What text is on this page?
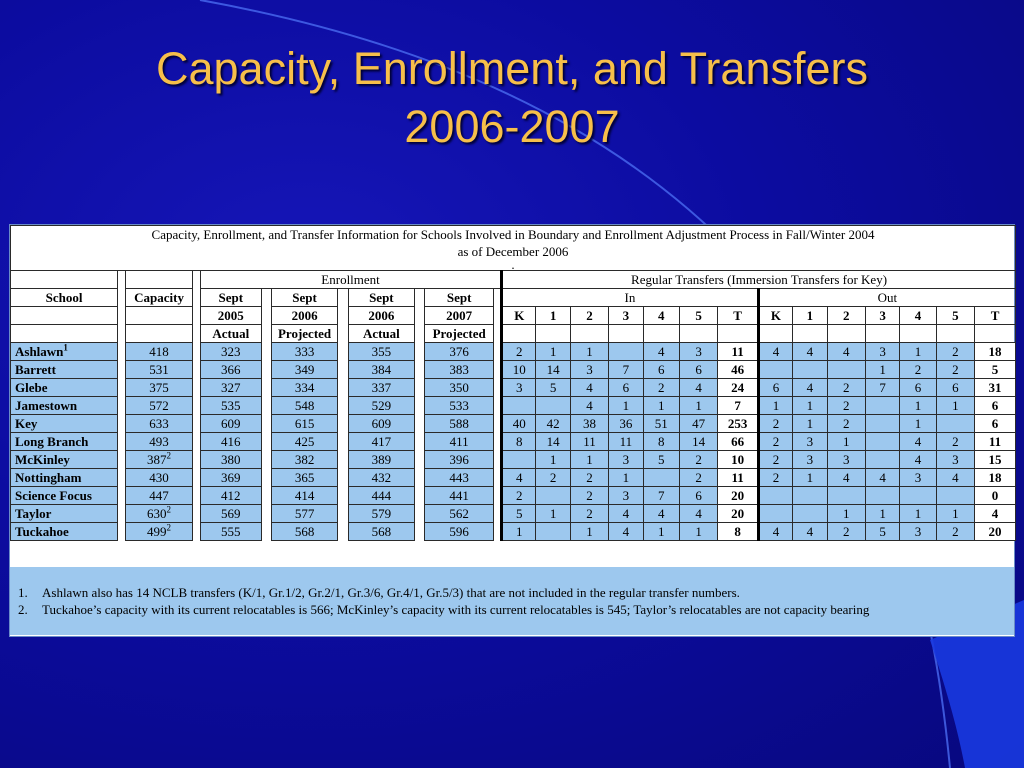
Capacity, Enrollment, and Transfers
2006-2007
Capacity, Enrollment, and Transfer Information for Schools Involved in Boundary and Enrollment Adjustment Process in Fall/Winter 2004
as of December 2006
.																									

				Enrollment								Regular Transfers (Immersion Transfers for Key)													
School		Capacity		Sept		Sept		Sept		Sept		In							Out						
				2005		2006		2006		2007		K	1	2	3	4	5	T	K	1	2	3	4	5	T
				Actual		Projected		Actual		Projected															
Ashlawn$^1$		418		323		333		355		376		2	1	1		4	3	11	4	4	4	3	1	2	18
Barrett		531		366		349		384		383		10	14	3	7	6	6	46				1	2	2	5
Glebe		375		327		334		337		350		3	5	4	6	2	4	24	6	4	2	7	6	6	31
Jamestown		572		535		548		529		533				4	1	1	1	7	1	1	2		1	1	6
Key		633		609		615		609		588		40	42	38	36	51	47	253	2	1	2		1		6
Long Branch		493		416		425		417		411		8	14	11	11	8	14	66	2	3	1		4	2	11
McKinley		$387^2$		380		382		389		396			1	1	3	5	2	10	2	3	3		4	3	15
Nottingham		430		369		365		432		443		4	2	2	1		2	11	2	1	4	4	3	4	18
Science Focus		447		412		414		444		441		2		2	3	7	6	20							0
Taylor		$630^2$		569		577		579		562		5	1	2	4	4	4	20			1	1	1	1	4
Tuckahoe		$499^2$		555		568		568		596		1		1	4	1	1	8	4	4	2	5	3	2	20
1.	Ashlawn also has 14 NCLB transfers (K/1, Gr.1/2, Gr.2/1, Gr.3/6, Gr.4/1, Gr.5/3) that are not included in the regular transfer numbers.
2.	Tuckahoe’s capacity with its current relocatables is 566; McKinley’s capacity with its current relocatables is 545; Taylor’s relocatables are not capacity bearing
